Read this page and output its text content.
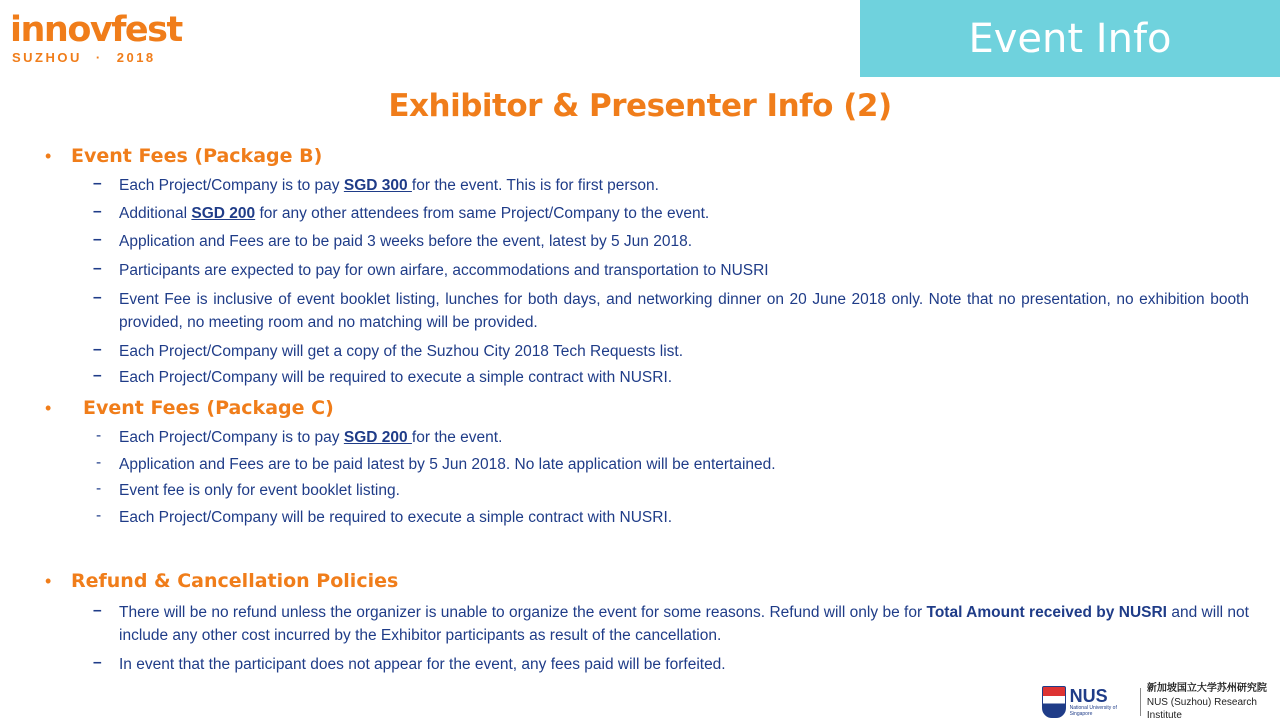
innovfest
SUZHOU · 2018	Event Info
Exhibitor & Presenter Info (2)
• Event Fees (Package B)
– Each Project/Company is to pay SGD 300 for the event. This is for first person.
– Additional SGD 200 for any other attendees from same Project/Company to the event.
– Application and Fees are to be paid 3 weeks before the event, latest by 5 Jun 2018.
– Participants are expected to pay for own airfare, accommodations and transportation to NUSRI
– Event Fee is inclusive of event booklet listing, lunches for both days, and networking dinner on 20 June 2018 only. Note that no presentation, no exhibition booth provided, no meeting room and no matching will be provided.
– Each Project/Company will get a copy of the Suzhou City 2018 Tech Requests list.
– Each Project/Company will be required to execute a simple contract with NUSRI.
• Event Fees (Package C)
- Each Project/Company is to pay SGD 200 for the event.
- Application and Fees are to be paid latest by 5 Jun 2018. No late application will be entertained.
- Event fee is only for event booklet listing.
- Each Project/Company will be required to execute a simple contract with NUSRI.
• Refund & Cancellation Policies
– There will be no refund unless the organizer is unable to organize the event for some reasons. Refund will only be for Total Amount received by NUSRI and will not include any other cost incurred by the Exhibitor participants as result of the cancellation.
– In event that the participant does not appear for the event, any fees paid will be forfeited.
NUS
National University of Singapore
新加坡国立大学苏州研究院
NUS (Suzhou) Research Institute
